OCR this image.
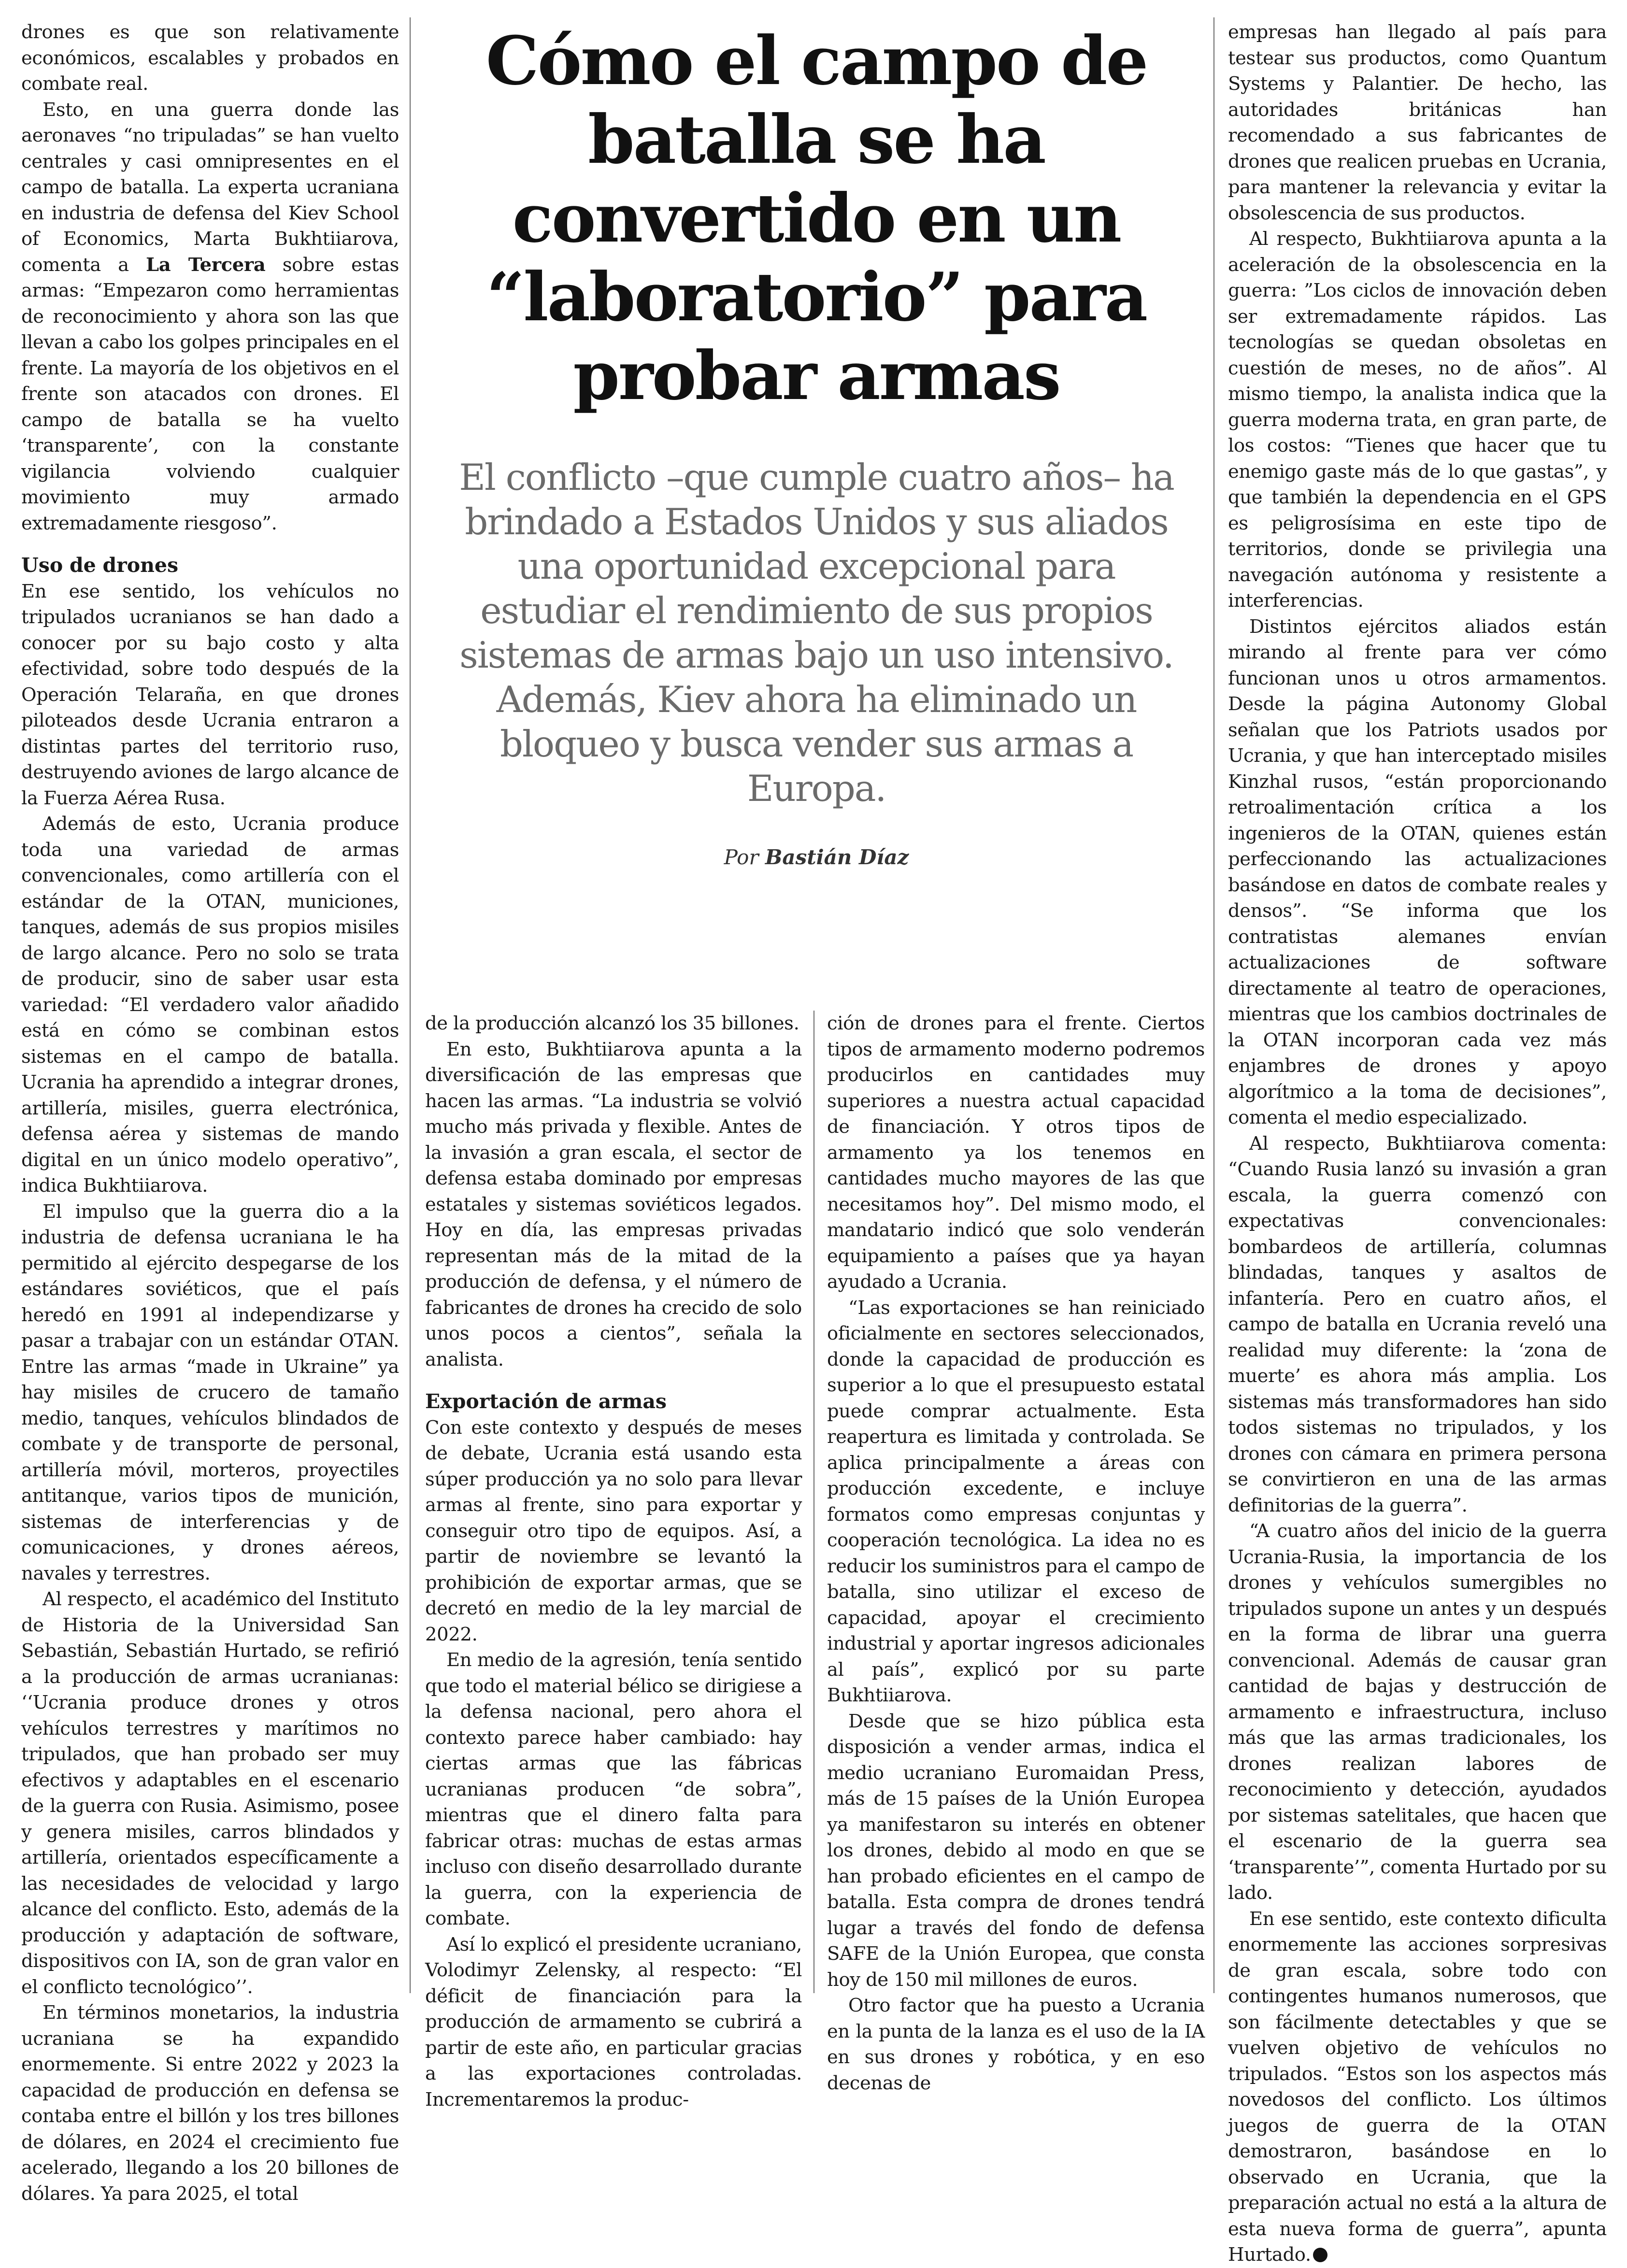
Cómo el campo de batalla se ha convertido en un “laboratorio” para probar armas
El conflicto –que cumple cuatro años– ha brindado a Estados Unidos y sus aliados una oportunidad excepcional para estudiar el rendimiento de sus propios sistemas de armas bajo un uso intensivo. Además, Kiev ahora ha eliminado un bloqueo y busca vender sus armas a Europa.
Por Bastián Díaz

drones es que son relativamente económicos, escalables y probados en combate real.

Esto, en una guerra donde las aeronaves “no tripuladas” se han vuelto centrales y casi omnipresentes en el campo de batalla. La experta ucraniana en industria de defensa del Kiev School of Economics, Marta Bukhtiiarova, comenta a La Tercera sobre estas armas: “Empezaron como herramientas de reconocimiento y ahora son las que llevan a cabo los golpes principales en el frente. La mayoría de los objetivos en el frente son atacados con drones. El campo de batalla se ha vuelto ‘transparente’, con la constante vigilancia volviendo cualquier movimiento muy armado extremadamente riesgoso”.

Uso de drones

En ese sentido, los vehículos no tripulados ucranianos se han dado a conocer por su bajo costo y alta efectividad, sobre todo después de la Operación Telaraña, en que drones piloteados desde Ucrania entraron a distintas partes del territorio ruso, destruyendo aviones de largo alcance de la Fuerza Aérea Rusa.

Además de esto, Ucrania produce toda una variedad de armas convencionales, como artillería con el estándar de la OTAN, municiones, tanques, además de sus propios misiles de largo alcance. Pero no solo se trata de producir, sino de saber usar esta variedad: “El verdadero valor añadido está en cómo se combinan estos sistemas en el campo de batalla. Ucrania ha aprendido a integrar drones, artillería, misiles, guerra electrónica, defensa aérea y sistemas de mando digital en un único modelo operativo”, indica Bukhtiiarova.

El impulso que la guerra dio a la industria de defensa ucraniana le ha permitido al ejército despegarse de los estándares soviéticos, que el país heredó en 1991 al independizarse y pasar a trabajar con un estándar OTAN. Entre las armas “made in Ukraine” ya hay misiles de crucero de tamaño medio, tanques, vehículos blindados de combate y de transporte de personal, artillería móvil, morteros, proyectiles antitanque, varios tipos de munición, sistemas de interferencias y de comunicaciones, y drones aéreos, navales y terrestres.

Al respecto, el académico del Instituto de Historia de la Universidad San Sebastián, Sebastián Hurtado, se refirió a la producción de armas ucranianas: ‘‘Ucrania produce drones y otros vehículos terrestres y marítimos no tripulados, que han probado ser muy efectivos y adaptables en el escenario de la guerra con Rusia. Asimismo, posee y genera misiles, carros blindados y artillería, orientados específicamente a las necesidades de velocidad y largo alcance del conflicto. Esto, además de la producción y adaptación de software, dispositivos con IA, son de gran valor en el conflicto tecnológico’’.

En términos monetarios, la industria ucraniana se ha expandido enormemente. Si entre 2022 y 2023 la capacidad de producción en defensa se contaba entre el billón y los tres billones de dólares, en 2024 el crecimiento fue acelerado, llegando a los 20 billones de dólares. Ya para 2025, el total

de la producción alcanzó los 35 billones.

En esto, Bukhtiiarova apunta a la diversificación de las empresas que hacen las armas. “La industria se volvió mucho más privada y flexible. Antes de la invasión a gran escala, el sector de defensa estaba dominado por empresas estatales y sistemas soviéticos legados. Hoy en día, las empresas privadas representan más de la mitad de la producción de defensa, y el número de fabricantes de drones ha crecido de solo unos pocos a cientos”, señala la analista.

Exportación de armas

Con este contexto y después de meses de debate, Ucrania está usando esta súper producción ya no solo para llevar armas al frente, sino para exportar y conseguir otro tipo de equipos. Así, a partir de noviembre se levantó la prohibición de exportar armas, que se decretó en medio de la ley marcial de 2022.

En medio de la agresión, tenía sentido que todo el material bélico se dirigiese a la defensa nacional, pero ahora el contexto parece haber cambiado: hay ciertas armas que las fábricas ucranianas producen “de sobra”, mientras que el dinero falta para fabricar otras: muchas de estas armas incluso con diseño desarrollado durante la guerra, con la experiencia de combate.

Así lo explicó el presidente ucraniano, Volodimyr Zelensky, al respecto: “El déficit de financiación para la producción de armamento se cubrirá a partir de este año, en particular gracias a las exportaciones controladas. Incrementaremos la produc-

ción de drones para el frente. Ciertos tipos de armamento moderno podremos producirlos en cantidades muy superiores a nuestra actual capacidad de financiación. Y otros tipos de armamento ya los tenemos en cantidades mucho mayores de las que necesitamos hoy”. Del mismo modo, el mandatario indicó que solo venderán equipamiento a países que ya hayan ayudado a Ucrania.

“Las exportaciones se han reiniciado oficialmente en sectores seleccionados, donde la capacidad de producción es superior a lo que el presupuesto estatal puede comprar actualmente. Esta reapertura es limitada y controlada. Se aplica principalmente a áreas con producción excedente, e incluye formatos como empresas conjuntas y cooperación tecnológica. La idea no es reducir los suministros para el campo de batalla, sino utilizar el exceso de capacidad, apoyar el crecimiento industrial y aportar ingresos adicionales al país”, explicó por su parte Bukhtiiarova.

Desde que se hizo pública esta disposición a vender armas, indica el medio ucraniano Euromaidan Press, más de 15 países de la Unión Europea ya manifestaron su interés en obtener los drones, debido al modo en que se han probado eficientes en el campo de batalla. Esta compra de drones tendrá lugar a través del fondo de defensa SAFE de la Unión Europea, que consta hoy de 150 mil millones de euros.

Otro factor que ha puesto a Ucrania en la punta de la lanza es el uso de la IA en sus drones y robótica, y en eso decenas de

empresas han llegado al país para testear sus productos, como Quantum Systems y Palantier. De hecho, las autoridades británicas han recomendado a sus fabricantes de drones que realicen pruebas en Ucrania, para mantener la relevancia y evitar la obsolescencia de sus productos.

Al respecto, Bukhtiiarova apunta a la aceleración de la obsolescencia en la guerra: ”Los ciclos de innovación deben ser extremadamente rápidos. Las tecnologías se quedan obsoletas en cuestión de meses, no de años”. Al mismo tiempo, la analista indica que la guerra moderna trata, en gran parte, de los costos: “Tienes que hacer que tu enemigo gaste más de lo que gastas”, y que también la dependencia en el GPS es peligrosísima en este tipo de territorios, donde se privilegia una navegación autónoma y resistente a interferencias.

Distintos ejércitos aliados están mirando al frente para ver cómo funcionan unos u otros armamentos. Desde la página Autonomy Global señalan que los Patriots usados por Ucrania, y que han interceptado misiles Kinzhal rusos, “están proporcionando retroalimentación crítica a los ingenieros de la OTAN, quienes están perfeccionando las actualizaciones basándose en datos de combate reales y densos”. “Se informa que los contratistas alemanes envían actualizaciones de software directamente al teatro de operaciones, mientras que los cambios doctrinales de la OTAN incorporan cada vez más enjambres de drones y apoyo algorítmico a la toma de decisiones”, comenta el medio especializado.

Al respecto, Bukhtiiarova comenta: “Cuando Rusia lanzó su invasión a gran escala, la guerra comenzó con expectativas convencionales: bombardeos de artillería, columnas blindadas, tanques y asaltos de infantería. Pero en cuatro años, el campo de batalla en Ucrania reveló una realidad muy diferente: la ‘zona de muerte’ es ahora más amplia. Los sistemas más transformadores han sido todos sistemas no tripulados, y los drones con cámara en primera persona se convirtieron en una de las armas definitorias de la guerra”.

“A cuatro años del inicio de la guerra Ucrania-Rusia, la importancia de los drones y vehículos sumergibles no tripulados supone un antes y un después en la forma de librar una guerra convencional. Además de causar gran cantidad de bajas y destrucción de armamento e infraestructura, incluso más que las armas tradicionales, los drones realizan labores de reconocimiento y detección, ayudados por sistemas satelitales, que hacen que el escenario de la guerra sea ‘transparente’”, comenta Hurtado por su lado.

En ese sentido, este contexto dificulta enormemente las acciones sorpresivas de gran escala, sobre todo con contingentes humanos numerosos, que son fácilmente detectables y que se vuelven objetivo de vehículos no tripulados. “Estos son los aspectos más novedosos del conflicto. Los últimos juegos de guerra de la OTAN demostraron, basándose en lo observado en Ucrania, que la preparación actual no está a la altura de esta nueva forma de guerra”, apunta Hurtado.
